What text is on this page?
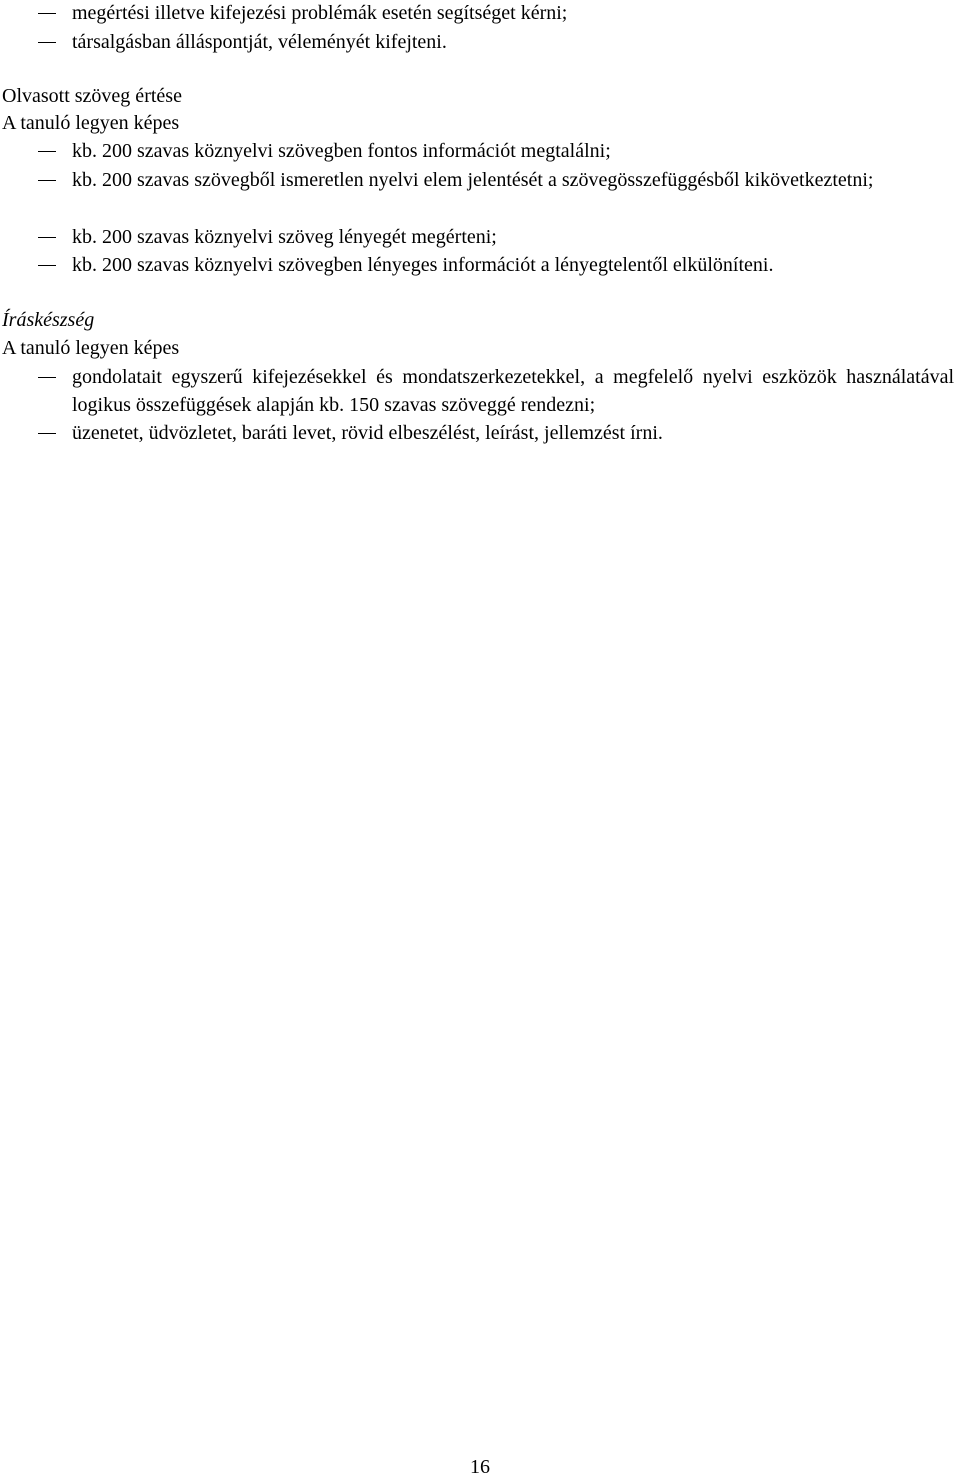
megértési illetve kifejezési problémák esetén segítséget kérni;
társalgásban álláspontját, véleményét kifejteni.
Olvasott szöveg értése
A tanuló legyen képes
kb. 200 szavas köznyelvi szövegben fontos információt megtalálni;
kb. 200 szavas szövegből ismeretlen nyelvi elem jelentését a szövegösszefüggésből kikövetkeztetni;
kb. 200 szavas köznyelvi szöveg lényegét megérteni;
kb. 200 szavas köznyelvi szövegben lényeges információt a lényegtelentől elkülöníteni.
Íráskészség
A tanuló legyen képes
gondolatait egyszerű kifejezésekkel és mondatszerkezetekkel, a megfelelő nyelvi eszközök használatával logikus összefüggések alapján kb. 150 szavas szöveggé rendezni;
üzenetet, üdvözletet, baráti levet, rövid elbeszélést, leírást, jellemzést írni.
16
